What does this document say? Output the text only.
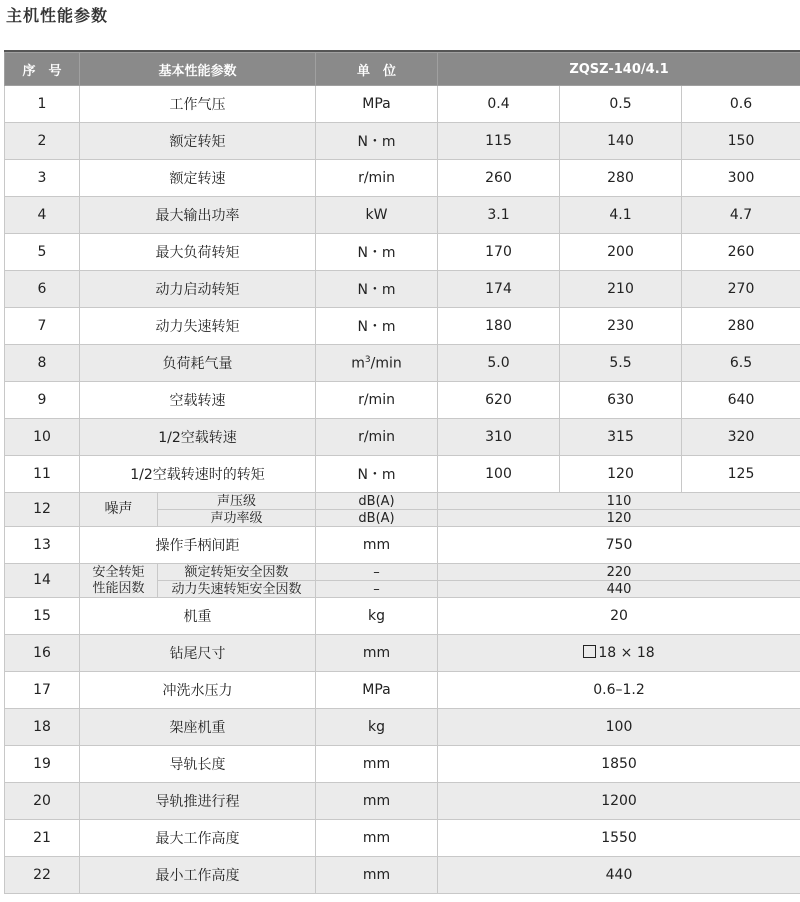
主机性能参数
序　号	基本性能参数		单　位	ZQSZ-140/4.1		
1	工作气压		MPa	0.4	0.5	0.6
2	额定转矩		N・m	115	140	150
3	额定转速		r/min	260	280	300
4	最大输出功率		kW	3.1	4.1	4.7
5	最大负荷转矩		N・m	170	200	260
6	动力启动转矩		N・m	174	210	270
7	动力失速转矩		N・m	180	230	280
8	负荷耗气量		$m^3/\min$	5.0	5.5	6.5
9	空载转速		r/min	620	630	640
10	1/2空载转速		r/min	310	315	320
11	1/2空载转速时的转矩		N・m	100	120	125
12	噪声	声压级	dB(A)	110		
		声功率级	dB(A)	120		
13	操作手柄间距		mm	750		
14	安全转矩	额定转矩安全因数	–	220		
	性能因数	动力失速转矩安全因数	–	440		
15	机重		kg	20		
16	钻尾尺寸		mm	18 × 18		
17	冲洗水压力		MPa	0.6–1.2		
18	架座机重		kg	100		
19	导轨长度		mm	1850		
20	导轨推进行程		mm	1200		
21	最大工作高度		mm	1550		
22	最小工作高度		mm	440		
